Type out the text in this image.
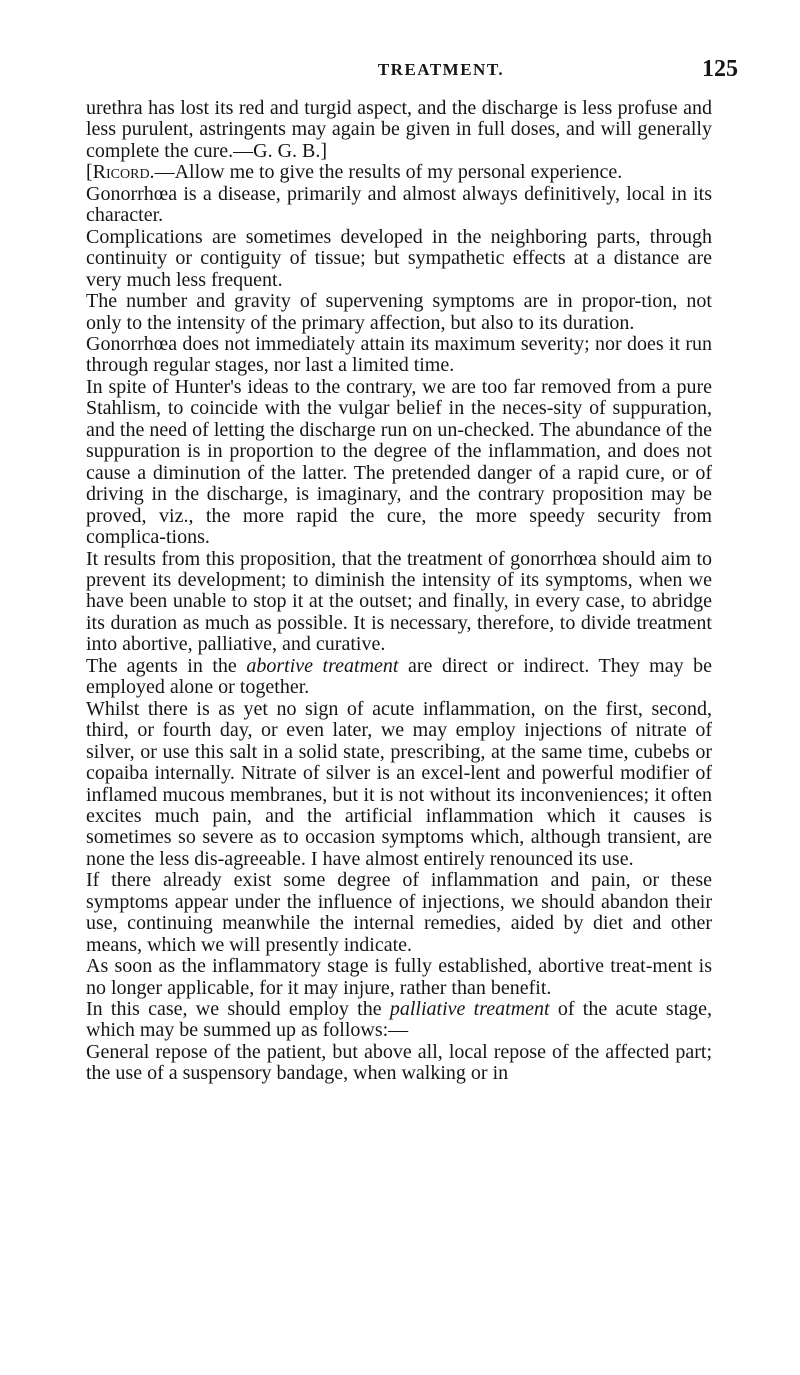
TREATMENT.	125

urethra has lost its red and turgid aspect, and the discharge is less profuse and less purulent, astringents may again be given in full doses, and will generally complete the cure.—G. G. B.]

[Ricord.—Allow me to give the results of my personal experience.

Gonorrhœa is a disease, primarily and almost always definitively, local in its character.

Complications are sometimes developed in the neighboring parts, through continuity or contiguity of tissue; but sympathetic effects at a distance are very much less frequent.

The number and gravity of supervening symptoms are in propor-tion, not only to the intensity of the primary affection, but also to its duration.

Gonorrhœa does not immediately attain its maximum severity; nor does it run through regular stages, nor last a limited time.

In spite of Hunter's ideas to the contrary, we are too far removed from a pure Stahlism, to coincide with the vulgar belief in the neces-sity of suppuration, and the need of letting the discharge run on un-checked. The abundance of the suppuration is in proportion to the degree of the inflammation, and does not cause a diminution of the latter. The pretended danger of a rapid cure, or of driving in the discharge, is imaginary, and the contrary proposition may be proved, viz., the more rapid the cure, the more speedy security from complica-tions.

It results from this proposition, that the treatment of gonorrhœa should aim to prevent its development; to diminish the intensity of its symptoms, when we have been unable to stop it at the outset; and finally, in every case, to abridge its duration as much as possible. It is necessary, therefore, to divide treatment into abortive, palliative, and curative.

The agents in the abortive treatment are direct or indirect. They may be employed alone or together.

Whilst there is as yet no sign of acute inflammation, on the first, second, third, or fourth day, or even later, we may employ injections of nitrate of silver, or use this salt in a solid state, prescribing, at the same time, cubebs or copaiba internally. Nitrate of silver is an excel-lent and powerful modifier of inflamed mucous membranes, but it is not without its inconveniences; it often excites much pain, and the artificial inflammation which it causes is sometimes so severe as to occasion symptoms which, although transient, are none the less dis-agreeable. I have almost entirely renounced its use.

If there already exist some degree of inflammation and pain, or these symptoms appear under the influence of injections, we should abandon their use, continuing meanwhile the internal remedies, aided by diet and other means, which we will presently indicate.

As soon as the inflammatory stage is fully established, abortive treat-ment is no longer applicable, for it may injure, rather than benefit.

In this case, we should employ the palliative treatment of the acute stage, which may be summed up as follows:—

General repose of the patient, but above all, local repose of the affected part; the use of a suspensory bandage, when walking or in
